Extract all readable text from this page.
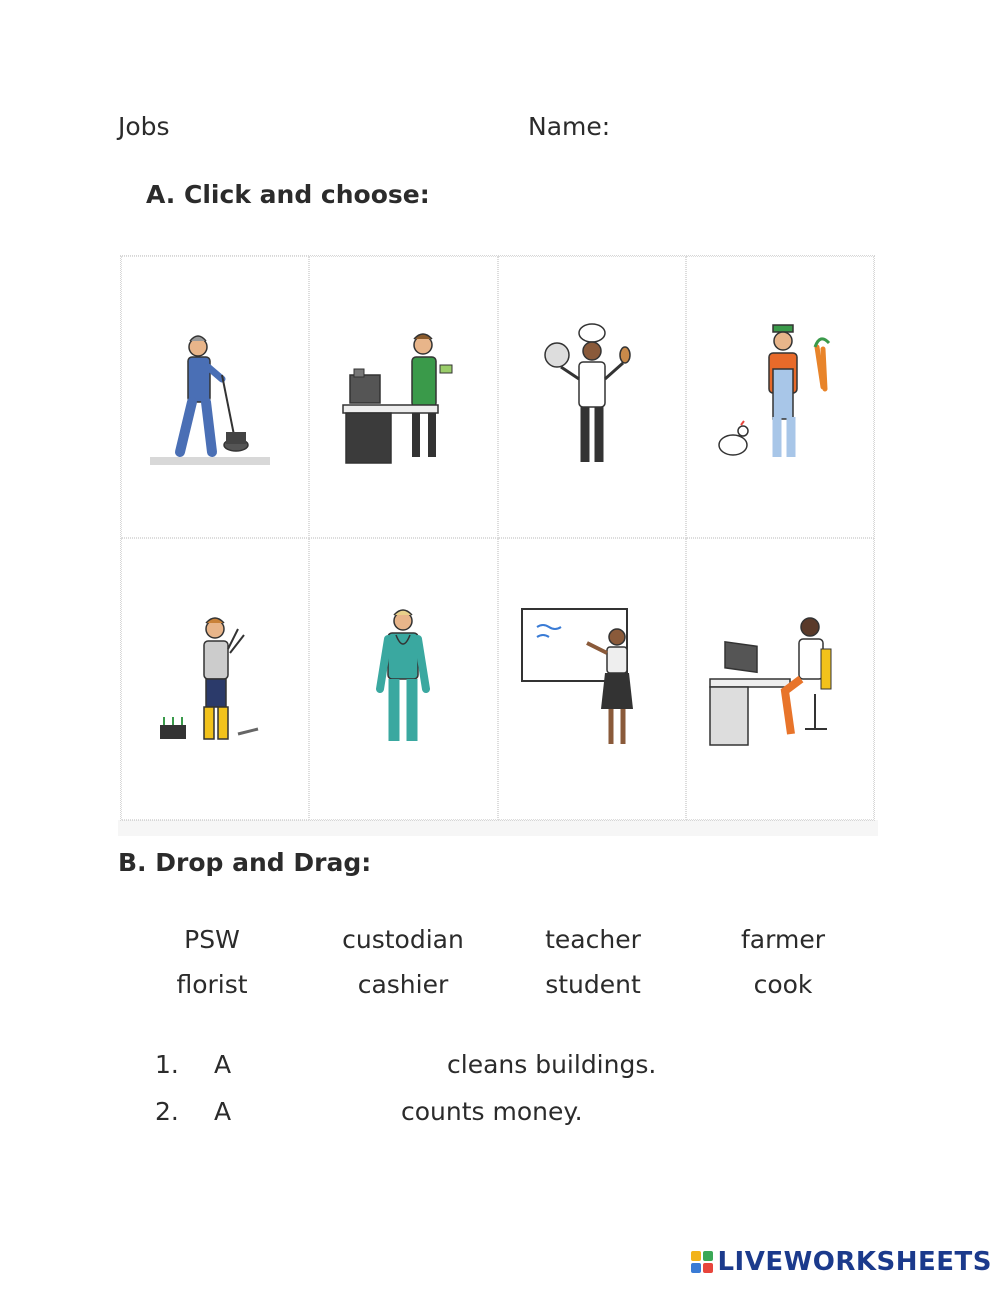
Jobs	Name:
A. Click and choose:
B. Drop and Drag:
PSW	custodian	teacher	farmer
florist	cashier	student	cook
1. A	cleans buildings.
2. A	counts money.
LIVEWORKSHEETS
